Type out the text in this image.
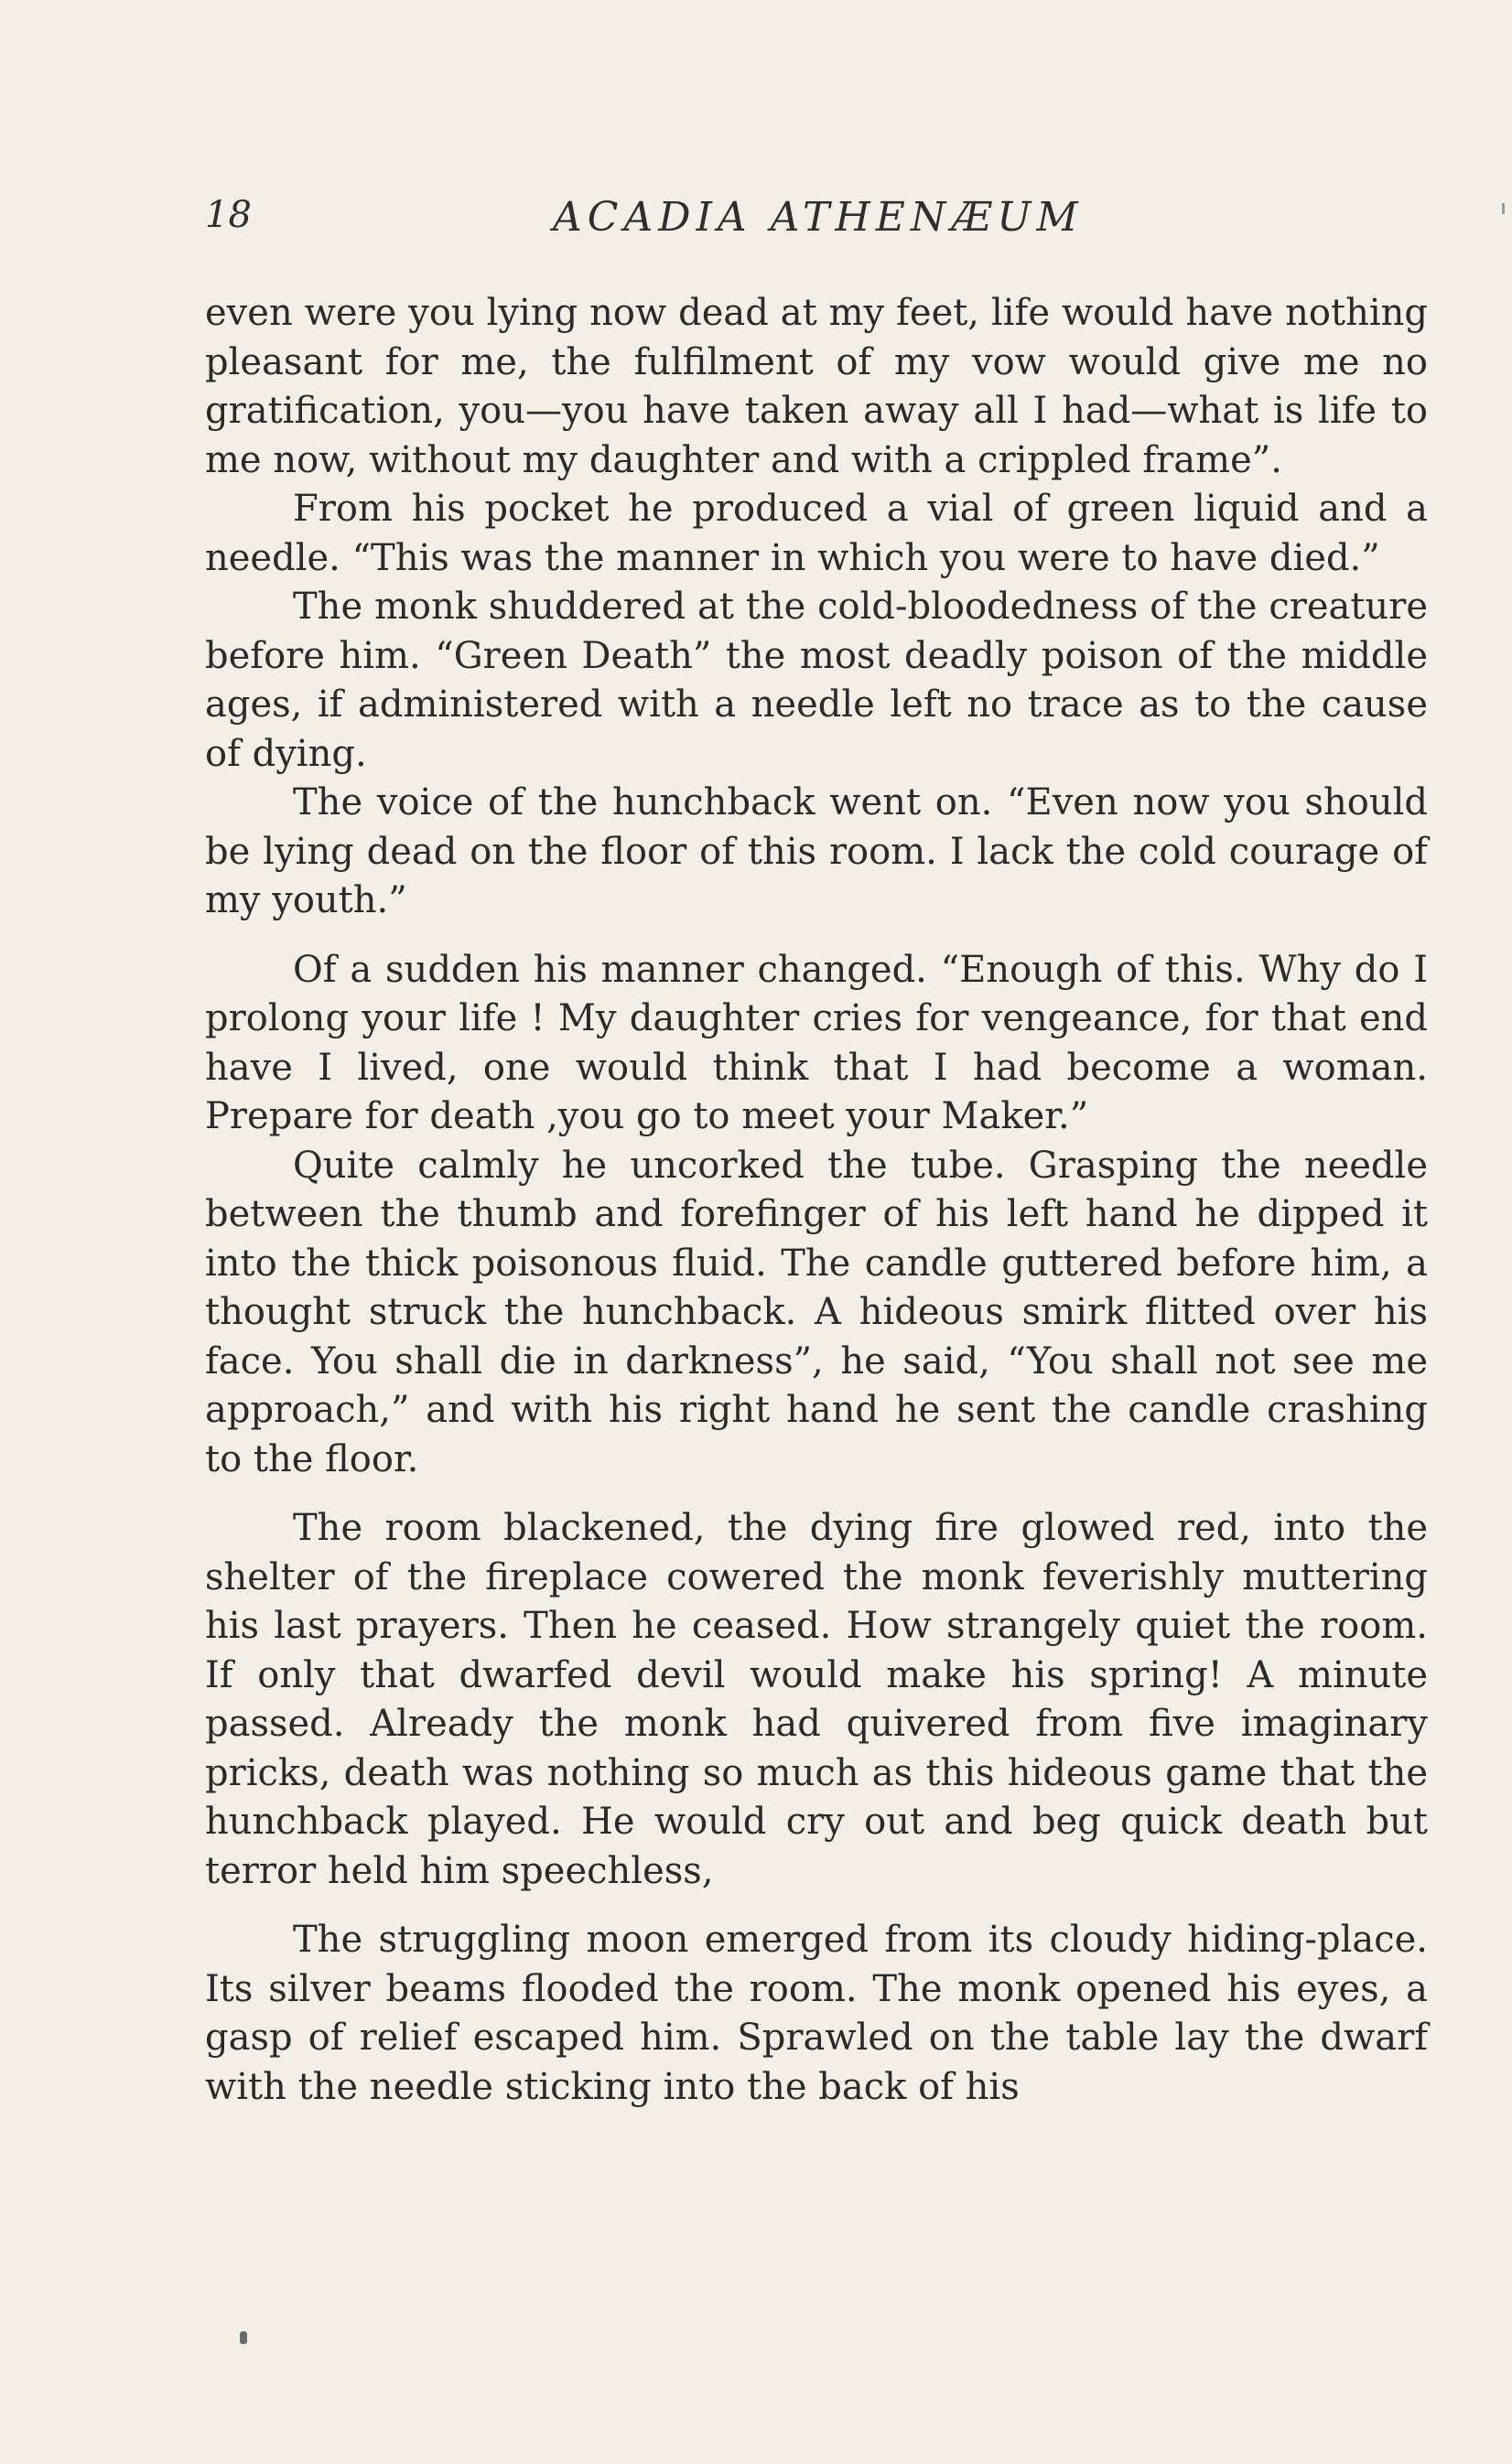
18	ACADIA ATHENÆUM

even were you lying now dead at my feet, life would have nothing pleasant for me, the fulfilment of my vow would give me no gratification, you—you have taken away all I had—what is life to me now, without my daughter and with a crippled frame”.

From his pocket he produced a vial of green liquid and a needle. “This was the manner in which you were to have died.”

The monk shuddered at the cold-bloodedness of the creature before him. “Green Death” the most deadly poison of the middle ages, if administered with a needle left no trace as to the cause of dying.

The voice of the hunchback went on. “Even now you should be lying dead on the floor of this room. I lack the cold courage of my youth.”

Of a sudden his manner changed. “Enough of this. Why do I prolong your life ! My daughter cries for vengeance, for that end have I lived, one would think that I had become a woman. Prepare for death ,you go to meet your Maker.”

Quite calmly he uncorked the tube. Grasping the needle between the thumb and forefinger of his left hand he dipped it into the thick poisonous fluid. The candle guttered before him, a thought struck the hunchback. A hideous smirk flitted over his face. You shall die in darkness”, he said, “You shall not see me approach,” and with his right hand he sent the candle crashing to the floor.

The room blackened, the dying fire glowed red, into the shelter of the fireplace cowered the monk feverishly muttering his last prayers. Then he ceased. How strangely quiet the room. If only that dwarfed devil would make his spring! A minute passed. Already the monk had quivered from five imaginary pricks, death was nothing so much as this hideous game that the hunchback played. He would cry out and beg quick death but terror held him speechless,

The struggling moon emerged from its cloudy hiding-place. Its silver beams flooded the room. The monk opened his eyes, a gasp of relief escaped him. Sprawled on the table lay the dwarf with the needle sticking into the back of his
